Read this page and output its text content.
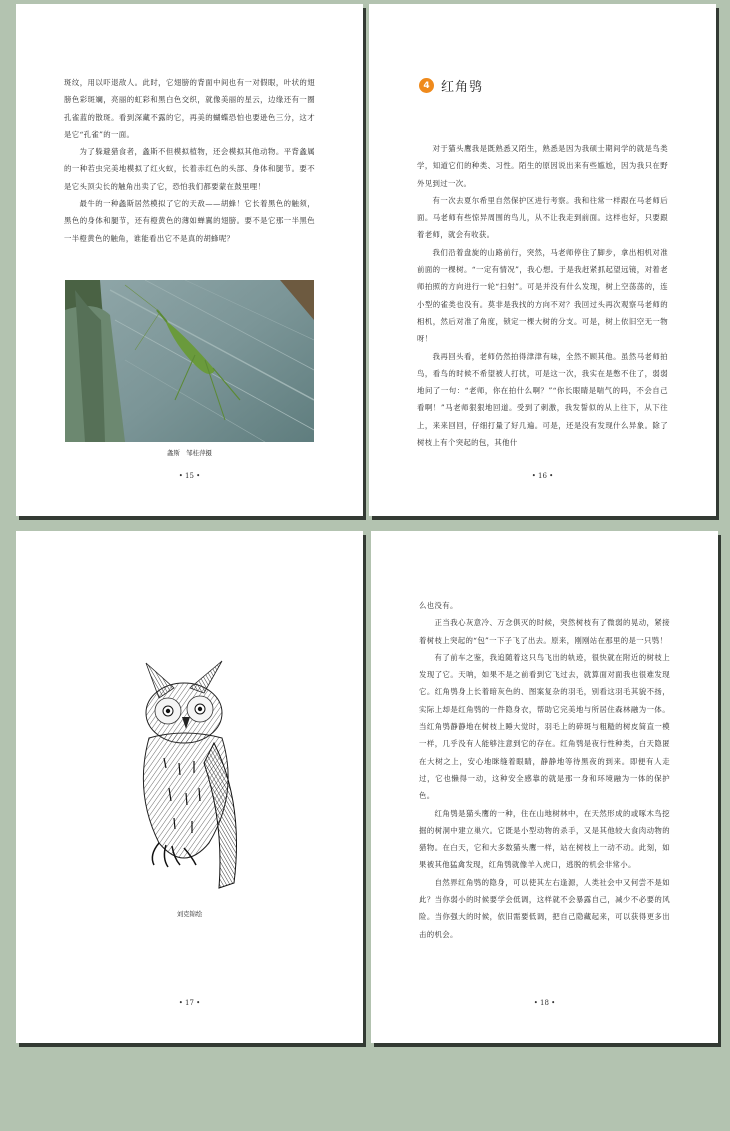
斑纹，用以吓退敌人。此时，它翅膀的背面中间也有一对假眼，叶状的翅膀色彩斑斓，亮丽的虹彩和黑白色交织，就像美丽的星云，边缘还有一圈孔雀蓝的散斑。看到深藏不露的它，再美的蝴蝶恐怕也要逊色三分，这才是它“孔雀”的一面。

为了躲避猎食者，螽斯不但模拟植物，还会模拟其他动物。平背螽属的一种若虫完美地模拟了红火蚁，长着赤红色的头部、身体和腿节。要不是它头顶尖长的触角出卖了它，恐怕我们都要蒙在鼓里哩！

最牛的一种螽斯居然模拟了它的天敌——胡蜂！它长着黑色的触须，黑色的身体和腿节，还有橙黄色的薄如蝉翼的翅膀。要不是它那一半黑色一半橙黄色的触角，谁能看出它不是真的胡蜂呢？

螽斯　邹桂萍摄
• 15 •
4 红角鸮

对于猫头鹰我是既熟悉又陌生，熟悉是因为我硕士期间学的就是鸟类学，知道它们的种类、习性。陌生的原因说出来有些尴尬，因为我只在野外见到过一次。

有一次去夏尔希里自然保护区进行考察。我和往常一样跟在马老师后面。马老师有些惊异周围的鸟儿，从不让我走到前面。这样也好，只要跟着老师，就会有收获。

我们沿着盘旋的山路前行，突然，马老师停住了脚步，拿出相机对准前面的一棵树。“一定有情况”，我心想。于是我赶紧抓起望远镜，对着老师拍照的方向进行一轮“扫射”。可是并没有什么发现，树上空荡荡的，连小型的雀类也没有。莫非是我找的方向不对？我回过头再次观察马老师的相机，然后对准了角度，锁定一棵大树的分支。可是，树上依旧空无一物呀！

我再回头看，老师仍然拍得津津有味，全然不顾其他。虽然马老师拍鸟，看鸟的时候不希望被人打扰，可是这一次，我实在是憋不住了，弱弱地问了一句：“老师，你在拍什么啊？”“你长眼睛是喘气的吗，不会自己看啊！”马老师狠狠地回道。受到了刺激，我发誓似的从上往下，从下往上，来来回回，仔细打量了好几遍。可是，还是没有发现什么异象。除了树枝上有个突起的包，其他什

• 16 •
刘克锦绘
• 17 •

么也没有。

正当我心灰意冷、万念俱灭的时候，突然树枝有了微弱的晃动，紧接着树枝上突起的“包”一下子飞了出去。原来，刚刚站在那里的是一只鸮！

有了前车之鉴，我追随着这只鸟飞出的轨迹，很快就在附近的树枝上发现了它。天呐，如果不是之前看到它飞过去，就算面对面我也很难发现它。红角鸮身上长着暗灰色的、图案复杂的羽毛，别看这羽毛其貌不扬，实际上却是红角鸮的一件隐身衣，帮助它完美地与所居住森林融为一体。当红角鸮静静地在树枝上睡大觉时，羽毛上的碎斑与粗糙的树皮简直一模一样，几乎没有人能够注意到它的存在。红角鸮是夜行性种类，白天隐匿在大树之上，安心地眯缝着眼睛，静静地等待黑夜的到来。即便有人走过，它也懒得一动，这种安全感靠的就是那一身和环境融为一体的保护色。

红角鸮是猫头鹰的一种，住在山地树林中，在天然形成的或啄木鸟挖掘的树洞中建立巢穴。它既是小型动物的杀手，又是其他较大食肉动物的猎物。在白天，它和大多数猫头鹰一样，站在树枝上一动不动。此刻，如果被其他猛禽发现，红角鸮就像羊入虎口，逃脱的机会非常小。

自然界红角鸮的隐身，可以使其左右逢源，人类社会中又何尝不是如此？当你弱小的时候要学会低调，这样就不会暴露自己，减少不必要的风险。当你强大的时候，依旧需要低调，把自己隐藏起来，可以获得更多出击的机会。

• 18 •
